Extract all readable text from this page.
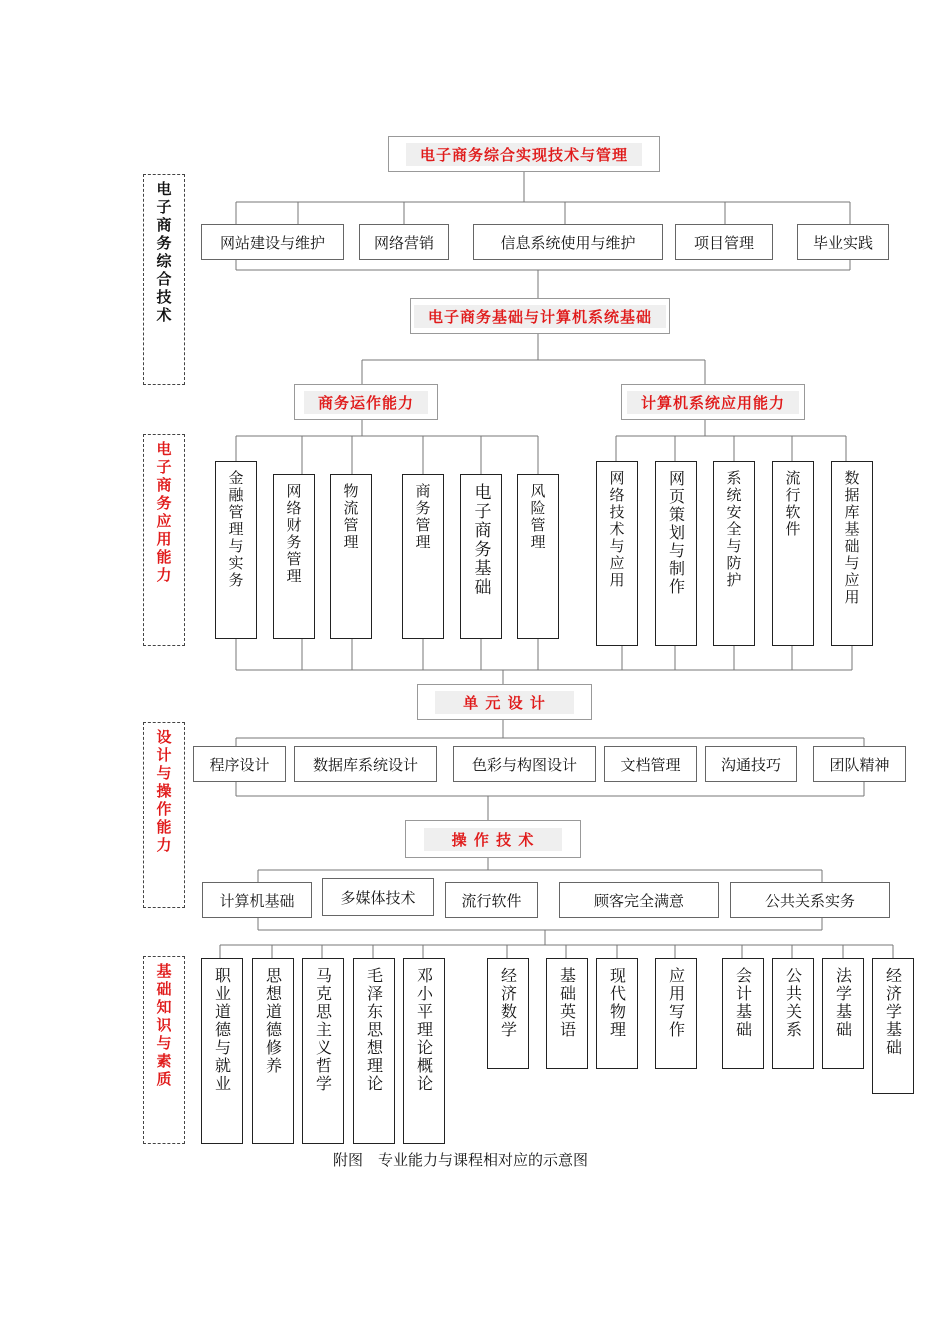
电子商务综合技术
电子商务应用能力
设计与操作能力
基础知识与素质
电子商务综合实现技术与管理
电子商务基础与计算机系统基础
商务运作能力	计算机系统应用能力
单 元 设 计
操 作 技 术
网站建设与维护	网络营销	信息系统使用与维护	项目管理	毕业实践
金融管理与实务	网络财务管理	物流管理	商务管理 电子商务基础	风险管理	网络技术与应用	网页策划与制作	系统安全与防护	流行软件	数据库基础与应用
程序设计	数据库系统设计	色彩与构图设计	文档管理	沟通技巧	团队精神
计算机基础	多媒体技术	流行软件	顾客完全满意	公共关系实务
职业道德与就业 思想道德修养 马克思主义哲学 毛泽东思想理论 邓小平理论概论	经济数学	基础英语 现代物理	应用写作	会计基础 公共关系 法学基础 经济学基础
附图　专业能力与课程相对应的示意图
